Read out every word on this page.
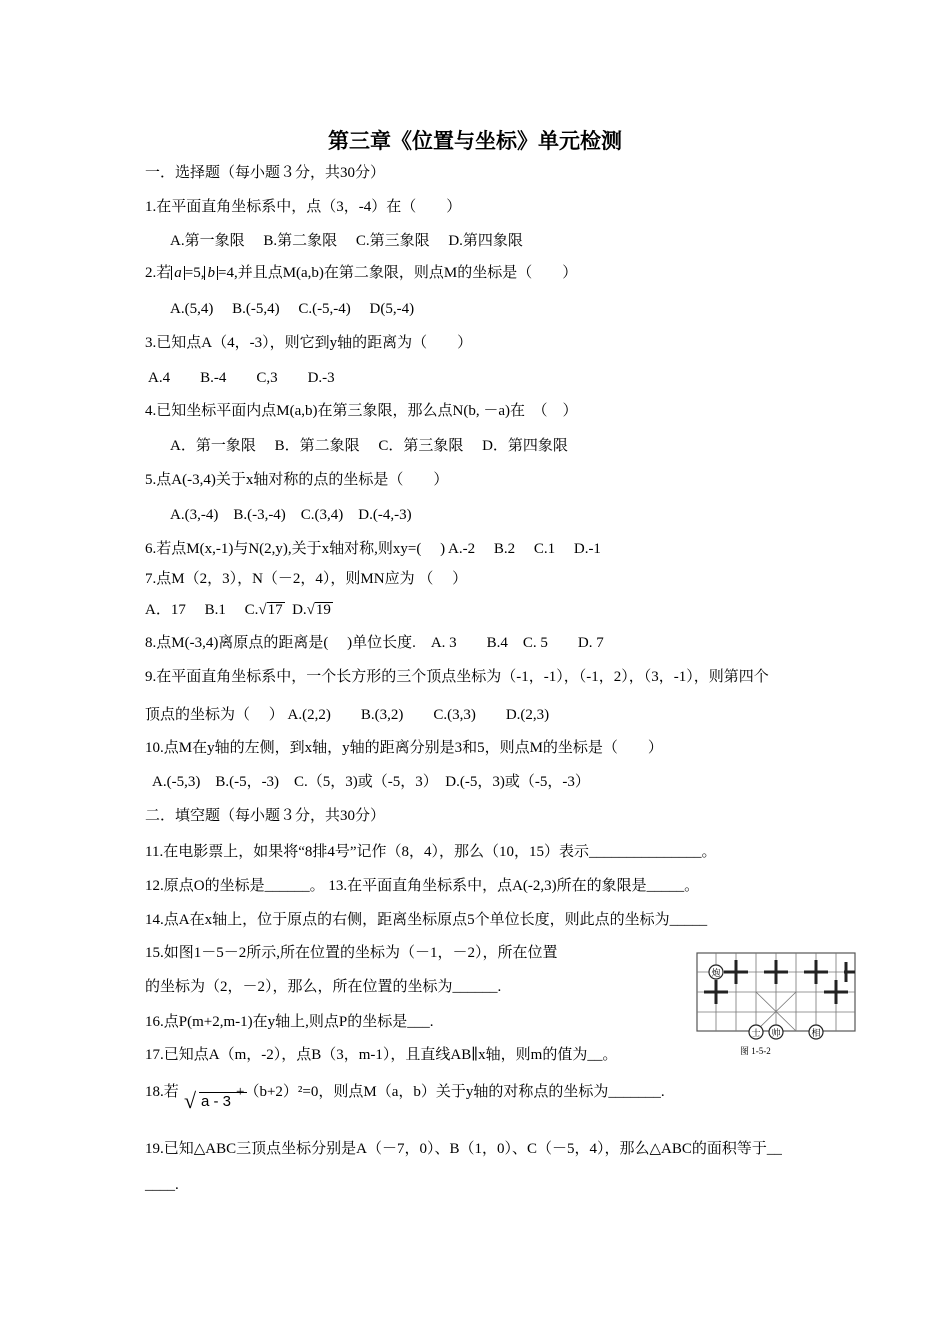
第三章《位置与坐标》单元检测
一．选择题（每小题３分，共30分）
1.在平面直角坐标系中，点（3，-4）在（　　）
A.第一象限　 B.第二象限　 C.第三象限　 D.第四象限
2.若 a =5, b =4,并且点M(a,b)在第二象限，则点M的坐标是（　　）
A.(5,4)　 B.(-5,4)　 C.(-5,-4)　 D(5,-4)
3.已知点A（4，-3），则它到y轴的距离为（　　）
A.4　　B.-4　　C,3　　D.-3
4.已知坐标平面内点M(a,b)在第三象限，那么点N(b, －a)在　（　）
A．第一象限　 B．第二象限　 C．第三象限　 D．第四象限
5.点A(-3,4)关于x轴对称的点的坐标是（　　）
A.(3,-4)　B.(-3,-4)　C.(3,4)　D.(-4,-3)
6.若点M(x,-1)与N(2,y),关于x轴对称,则xy=(　 ) A.-2　 B.2　 C.1　 D.-1
7.点M（2，3），N（－2，4），则MN应为 （　 ）
A．17　 B.1　 C.√17 D.√19
8.点M(-3,4)离原点的距离是(　 )单位长度.　A. 3　　B.4　C. 5　　D. 7
9.在平面直角坐标系中，一个长方形的三个顶点坐标为（-1，-1），（-1，2），（3，-1），则第四个
顶点的坐标为（　 ） A.(2,2)　　B.(3,2)　　C.(3,3)　　D.(2,3)
10.点M在y轴的左侧，到x轴，y轴的距离分别是3和5，则点M的坐标是（　　）
A.(-5,3)　B.(-5，-3)　C.（5，3)或（-5，3）　D.(-5，3)或（-5，-3）
二．填空题（每小题３分，共30分）
11.在电影票上，如果将“8排4号”记作（8，4），那么（10，15）表示_______________。
12.原点O的坐标是______。 13.在平面直角坐标系中，点A(-2,3)所在的象限是_____。
14.点A在x轴上，位于原点的右侧，距离坐标原点5个单位长度，则此点的坐标为_____
15.如图1－5－2所示,所在位置的坐标为（－1，－2），所在位置
的坐标为（2，－2），那么，所在位置的坐标为______.
炮
士 帅	相
图 1-5-2
16.点P(m+2,m-1)在y轴上,则点P的坐标是___.
17.已知点A（m，-2），点B（3，m-1），且直线AB∥x轴，则m的值为__。
18.若 √ a - 3
+（b+2）²=0，则点M（a，b）关于y轴的对称点的坐标为_______.
19.已知△ABC三顶点坐标分别是A（－7，0）、B（1，0）、C（－5，4），那么△ABC的面积等于__
____.
